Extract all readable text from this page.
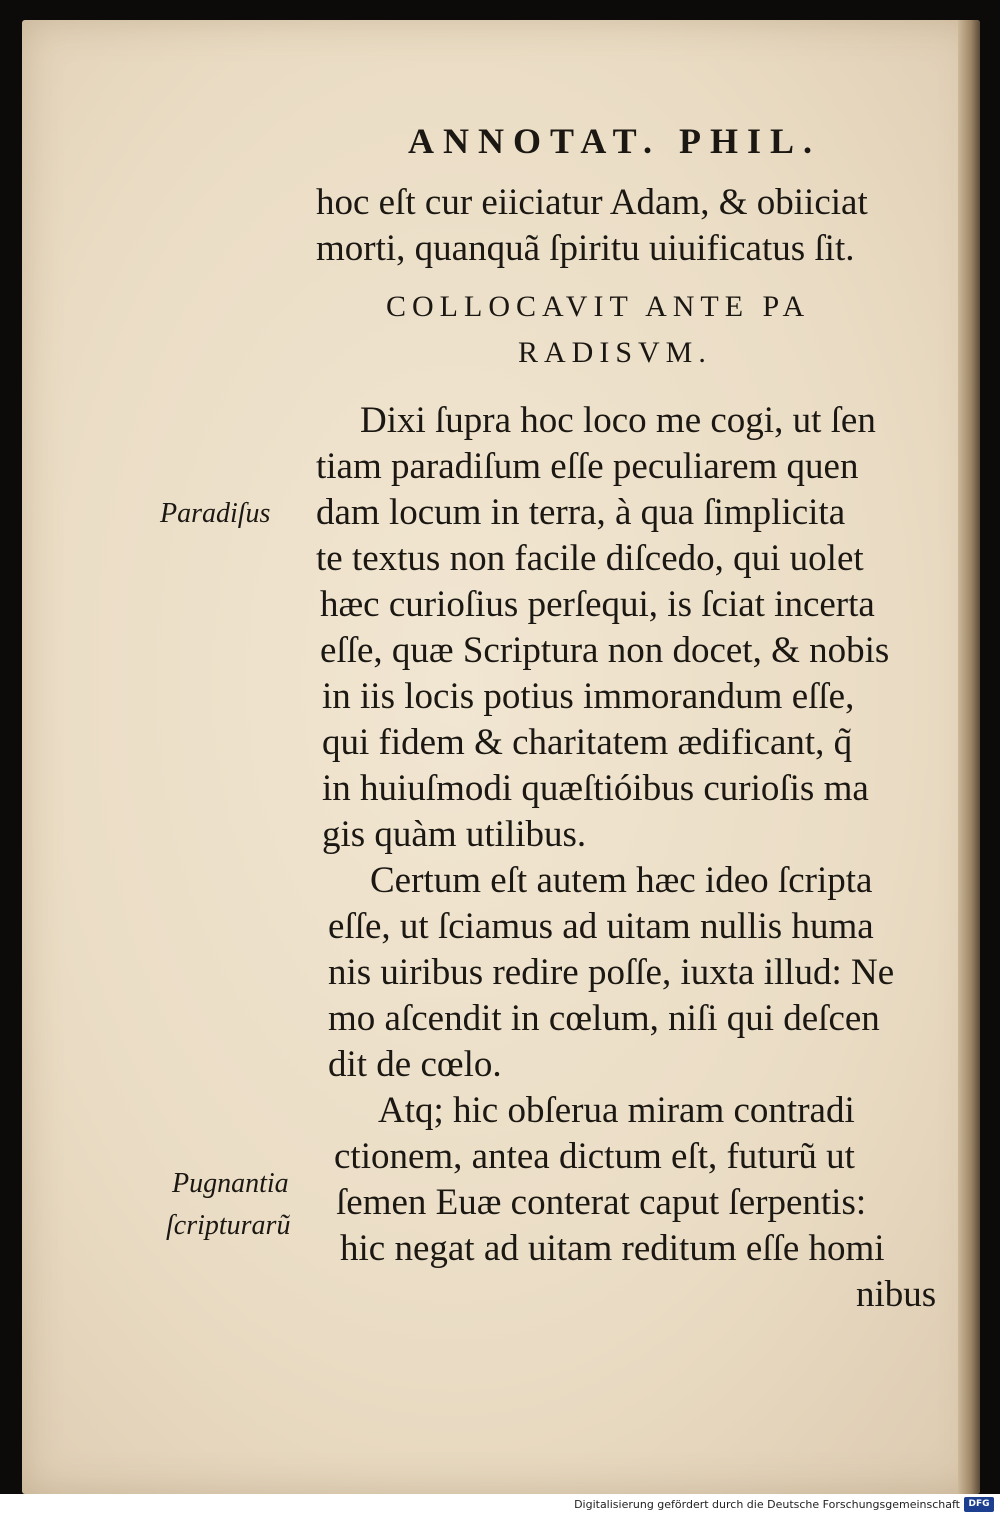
ANNOTAT. PHIL.
hoc eſt cur eiiciatur Adam, & obiiciat
morti, quanquã ſpiritu uiuificatus ſit.
COLLOCAVIT ANTE PA
RADISVM.
Dixi ſupra hoc loco me cogi, ut ſen
tiam paradiſum eſſe peculiarem quen
dam locum in terra, à qua ſimplicita
te textus non facile diſcedo, qui uolet
hæc curioſius perſequi, is ſciat incerta
eſſe, quæ Scriptura non docet, & nobis
in iis locis potius immorandum eſſe,
qui fidem & charitatem ædificant, q̃
in huiuſmodi quæſtióibus curioſis ma
gis quàm utilibus.
Certum eſt autem hæc ideo ſcripta
eſſe, ut ſciamus ad uitam nullis huma
nis uiribus redire poſſe, iuxta illud: Ne
mo aſcendit in cœlum, niſi qui deſcen
dit de cœlo.
Atq; hic obſerua miram contradi
ctionem, antea dictum eſt, futurũ ut
ſemen Euæ conterat caput ſerpentis:
hic negat ad uitam reditum eſſe homi
nibus
Paradiſus
Pugnantia
ſcripturarũ
Digitalisierung gefördert durch die Deutsche Forschungsgemeinschaft DFG
